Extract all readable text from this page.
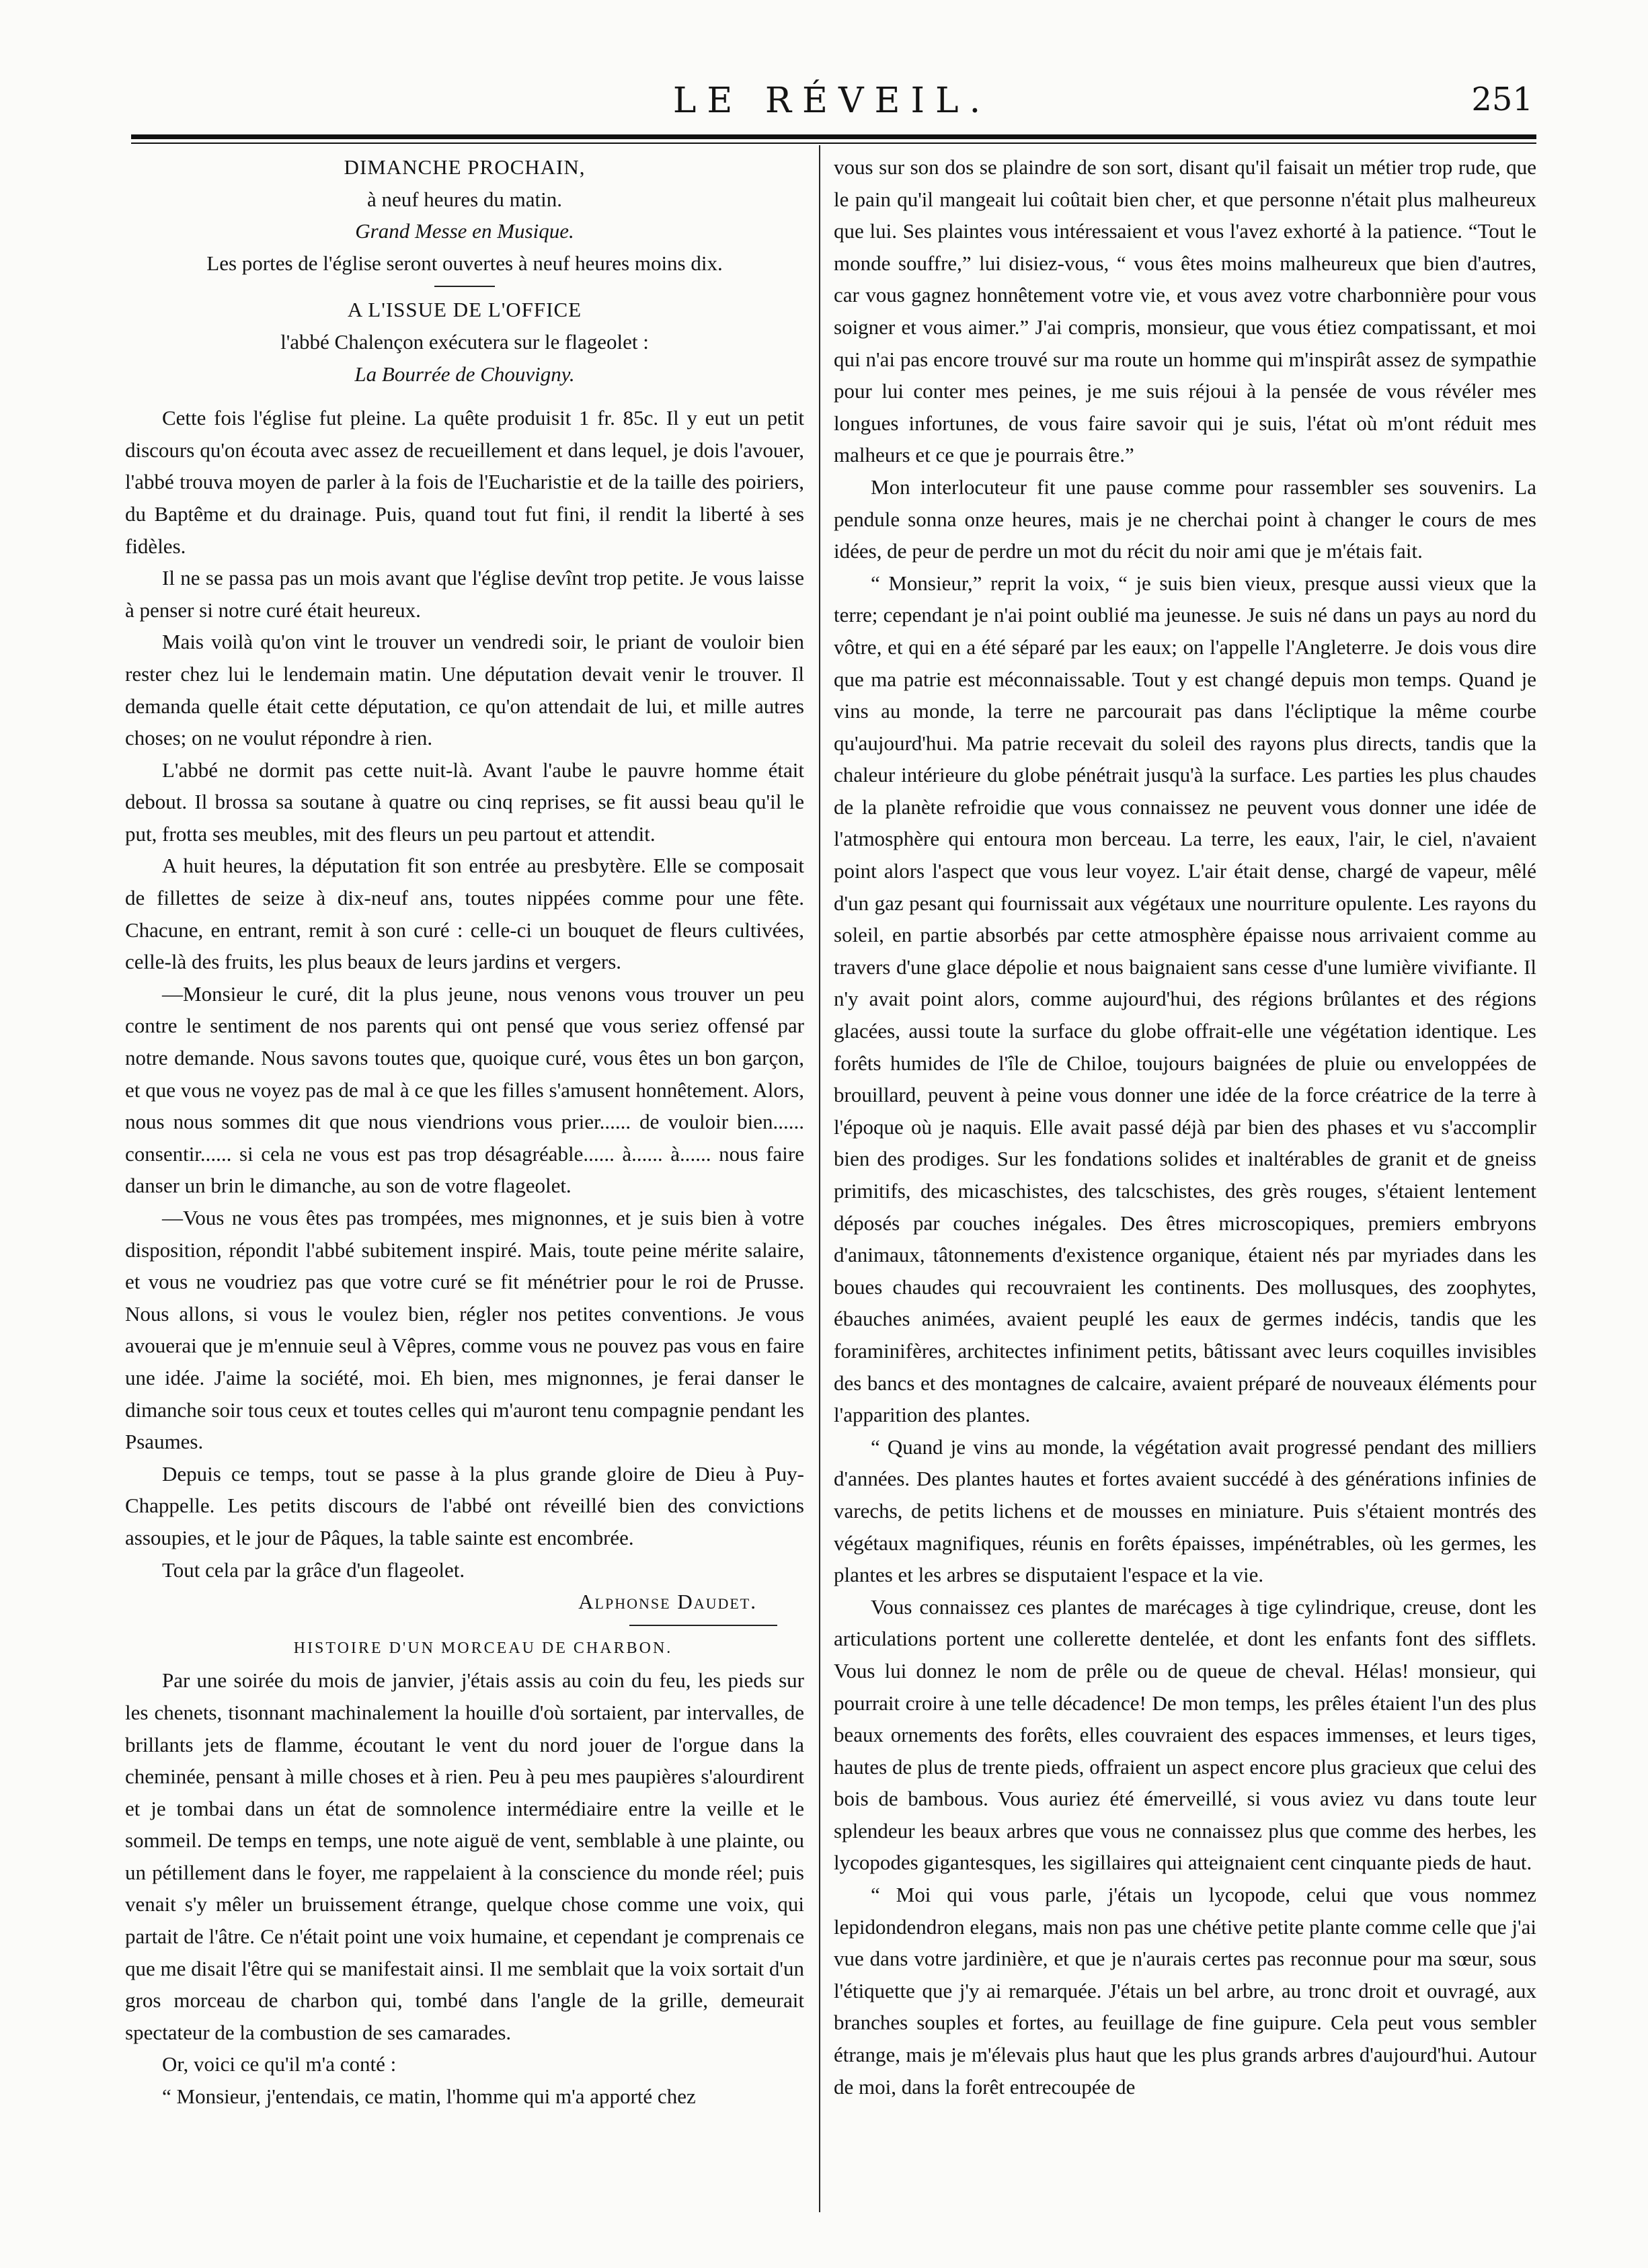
LE RÉVEIL.	251

DIMANCHE PROCHAIN,

à neuf heures du matin.

Grand Messe en Musique.

Les portes de l'église seront ouvertes à neuf heures moins dix.

A L'ISSUE DE L'OFFICE

l'abbé Chalençon exécutera sur le flageolet :

La Bourrée de Chouvigny.

Cette fois l'église fut pleine. La quête produisit 1 fr. 85c. Il y eut un petit discours qu'on écouta avec assez de recueillement et dans lequel, je dois l'avouer, l'abbé trouva moyen de parler à la fois de l'Eucharistie et de la taille des poiriers, du Baptême et du drainage. Puis, quand tout fut fini, il rendit la liberté à ses fidèles.

Il ne se passa pas un mois avant que l'église devînt trop petite. Je vous laisse à penser si notre curé était heureux.

Mais voilà qu'on vint le trouver un vendredi soir, le priant de vouloir bien rester chez lui le lendemain matin. Une députation devait venir le trouver. Il demanda quelle était cette députation, ce qu'on attendait de lui, et mille autres choses; on ne voulut répondre à rien.

L'abbé ne dormit pas cette nuit-là. Avant l'aube le pauvre homme était debout. Il brossa sa soutane à quatre ou cinq reprises, se fit aussi beau qu'il le put, frotta ses meubles, mit des fleurs un peu partout et attendit.

A huit heures, la députation fit son entrée au presbytère. Elle se composait de fillettes de seize à dix-neuf ans, toutes nippées comme pour une fête. Chacune, en entrant, remit à son curé : celle-ci un bouquet de fleurs cultivées, celle-là des fruits, les plus beaux de leurs jardins et vergers.

—Monsieur le curé, dit la plus jeune, nous venons vous trouver un peu contre le sentiment de nos parents qui ont pensé que vous seriez offensé par notre demande. Nous savons toutes que, quoique curé, vous êtes un bon garçon, et que vous ne voyez pas de mal à ce que les filles s'amusent honnêtement. Alors, nous nous sommes dit que nous viendrions vous prier...... de vouloir bien...... consentir...... si cela ne vous est pas trop désagréable...... à...... à...... nous faire danser un brin le dimanche, au son de votre flageolet.

—Vous ne vous êtes pas trompées, mes mignonnes, et je suis bien à votre disposition, répondit l'abbé subitement inspiré. Mais, toute peine mérite salaire, et vous ne voudriez pas que votre curé se fit ménétrier pour le roi de Prusse. Nous allons, si vous le voulez bien, régler nos petites conventions. Je vous avouerai que je m'ennuie seul à Vêpres, comme vous ne pouvez pas vous en faire une idée. J'aime la société, moi. Eh bien, mes mignonnes, je ferai danser le dimanche soir tous ceux et toutes celles qui m'auront tenu compagnie pendant les Psaumes.

Depuis ce temps, tout se passe à la plus grande gloire de Dieu à Puy-Chappelle. Les petits discours de l'abbé ont réveillé bien des convictions assoupies, et le jour de Pâques, la table sainte est encombrée.

Tout cela par la grâce d'un flageolet.

Alphonse Daudet.

HISTOIRE D'UN MORCEAU DE CHARBON.

Par une soirée du mois de janvier, j'étais assis au coin du feu, les pieds sur les chenets, tisonnant machinalement la houille d'où sortaient, par intervalles, de brillants jets de flamme, écoutant le vent du nord jouer de l'orgue dans la cheminée, pensant à mille choses et à rien. Peu à peu mes paupières s'alourdirent et je tombai dans un état de somnolence intermédiaire entre la veille et le sommeil. De temps en temps, une note aiguë de vent, semblable à une plainte, ou un pétillement dans le foyer, me rappelaient à la conscience du monde réel; puis venait s'y mêler un bruissement étrange, quelque chose comme une voix, qui partait de l'âtre. Ce n'était point une voix humaine, et cependant je comprenais ce que me disait l'être qui se manifestait ainsi. Il me semblait que la voix sortait d'un gros morceau de charbon qui, tombé dans l'angle de la grille, demeurait spectateur de la combustion de ses camarades.

Or, voici ce qu'il m'a conté :

“ Monsieur, j'entendais, ce matin, l'homme qui m'a apporté chez

vous sur son dos se plaindre de son sort, disant qu'il faisait un métier trop rude, que le pain qu'il mangeait lui coûtait bien cher, et que personne n'était plus malheureux que lui. Ses plaintes vous intéressaient et vous l'avez exhorté à la patience. “Tout le monde souffre,” lui disiez-vous, “ vous êtes moins malheureux que bien d'autres, car vous gagnez honnêtement votre vie, et vous avez votre charbonnière pour vous soigner et vous aimer.” J'ai compris, monsieur, que vous étiez compatissant, et moi qui n'ai pas encore trouvé sur ma route un homme qui m'inspirât assez de sympathie pour lui conter mes peines, je me suis réjoui à la pensée de vous révéler mes longues infortunes, de vous faire savoir qui je suis, l'état où m'ont réduit mes malheurs et ce que je pourrais être.”

Mon interlocuteur fit une pause comme pour rassembler ses souvenirs. La pendule sonna onze heures, mais je ne cherchai point à changer le cours de mes idées, de peur de perdre un mot du récit du noir ami que je m'étais fait.

“ Monsieur,” reprit la voix, “ je suis bien vieux, presque aussi vieux que la terre; cependant je n'ai point oublié ma jeunesse. Je suis né dans un pays au nord du vôtre, et qui en a été séparé par les eaux; on l'appelle l'Angleterre. Je dois vous dire que ma patrie est méconnaissable. Tout y est changé depuis mon temps. Quand je vins au monde, la terre ne parcourait pas dans l'écliptique la même courbe qu'aujourd'hui. Ma patrie recevait du soleil des rayons plus directs, tandis que la chaleur intérieure du globe pénétrait jusqu'à la surface. Les parties les plus chaudes de la planète refroidie que vous connaissez ne peuvent vous donner une idée de l'atmosphère qui entoura mon berceau. La terre, les eaux, l'air, le ciel, n'avaient point alors l'aspect que vous leur voyez. L'air était dense, chargé de vapeur, mêlé d'un gaz pesant qui fournissait aux végétaux une nourriture opulente. Les rayons du soleil, en partie absorbés par cette atmosphère épaisse nous arrivaient comme au travers d'une glace dépolie et nous baignaient sans cesse d'une lumière vivifiante. Il n'y avait point alors, comme aujourd'hui, des régions brûlantes et des régions glacées, aussi toute la surface du globe offrait-elle une végétation identique. Les forêts humides de l'île de Chiloe, toujours baignées de pluie ou enveloppées de brouillard, peuvent à peine vous donner une idée de la force créatrice de la terre à l'époque où je naquis. Elle avait passé déjà par bien des phases et vu s'accomplir bien des prodiges. Sur les fondations solides et inaltérables de granit et de gneiss primitifs, des micaschistes, des talcschistes, des grès rouges, s'étaient lentement déposés par couches inégales. Des êtres microscopiques, premiers embryons d'animaux, tâtonnements d'existence organique, étaient nés par myriades dans les boues chaudes qui recouvraient les continents. Des mollusques, des zoophytes, ébauches animées, avaient peuplé les eaux de germes indécis, tandis que les foraminifères, architectes infiniment petits, bâtissant avec leurs coquilles invisibles des bancs et des montagnes de calcaire, avaient préparé de nouveaux éléments pour l'apparition des plantes.

“ Quand je vins au monde, la végétation avait progressé pendant des milliers d'années. Des plantes hautes et fortes avaient succédé à des générations infinies de varechs, de petits lichens et de mousses en miniature. Puis s'étaient montrés des végétaux magnifiques, réunis en forêts épaisses, impénétrables, où les germes, les plantes et les arbres se disputaient l'espace et la vie.

Vous connaissez ces plantes de marécages à tige cylindrique, creuse, dont les articulations portent une collerette dentelée, et dont les enfants font des sifflets. Vous lui donnez le nom de prêle ou de queue de cheval. Hélas! monsieur, qui pourrait croire à une telle décadence! De mon temps, les prêles étaient l'un des plus beaux ornements des forêts, elles couvraient des espaces immenses, et leurs tiges, hautes de plus de trente pieds, offraient un aspect encore plus gracieux que celui des bois de bambous. Vous auriez été émerveillé, si vous aviez vu dans toute leur splendeur les beaux arbres que vous ne connaissez plus que comme des herbes, les lycopodes gigantesques, les sigillaires qui atteignaient cent cinquante pieds de haut.

“ Moi qui vous parle, j'étais un lycopode, celui que vous nommez lepidondendron elegans, mais non pas une chétive petite plante comme celle que j'ai vue dans votre jardinière, et que je n'aurais certes pas reconnue pour ma sœur, sous l'étiquette que j'y ai remarquée. J'étais un bel arbre, au tronc droit et ouvragé, aux branches souples et fortes, au feuillage de fine guipure. Cela peut vous sembler étrange, mais je m'élevais plus haut que les plus grands arbres d'aujourd'hui. Autour de moi, dans la forêt entrecoupée de
